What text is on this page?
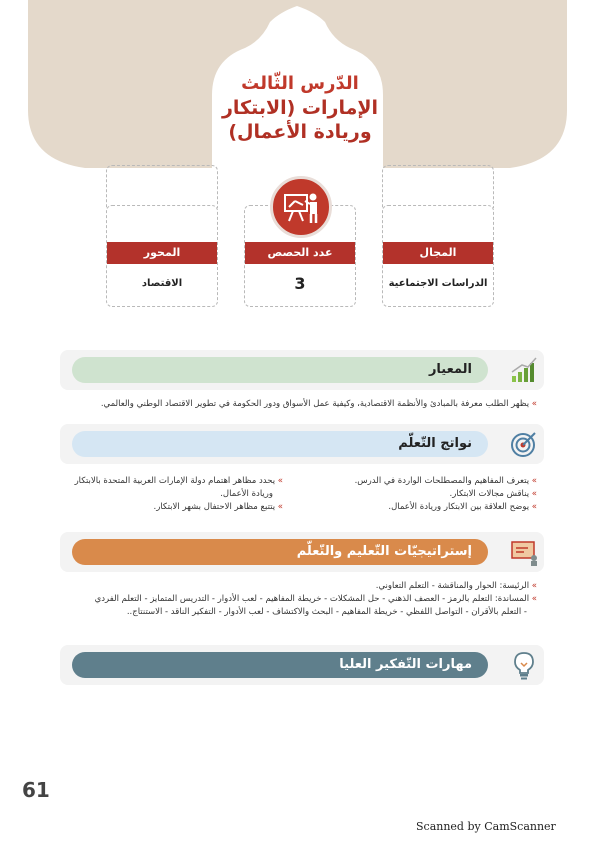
الدّرس الثّالث
الإمارات (الابتكار
وريادة الأعمال)
المجال
الدراسات الاجتماعية
عدد الحصص
3
المحور
الاقتصاد
المعيار
» يظهر الطلب معرفة بالمبادئ والأنظمة الاقتصادية، وكيفية عمل الأسواق ودور الحكومة في تطوير الاقتصاد الوطني والعالمي.
نواتج التّعلّم
» يتعرف المفاهيم والمصطلحات الواردة في الدرس.
» يناقش مجالات الابتكار.
» يوضح العلاقة بين الابتكار وريادة الأعمال.
» يحدد مظاهر اهتمام دولة الإمارات العربية المتحدة بالابتكار
وريادة الأعمال.
» يتتبع مظاهر الاحتفال بشهر الابتكار.
إستراتيجيّات التّعليم والتّعلّم
» الرئيسة: الحوار والمناقشة - التعلم التعاوني.
» المساندة: التعلم بالرمز - العصف الذهني - حل المشكلات - خريطة المفاهيم - لعب الأدوار - التدريس المتمايز - التعلم الفردي
- التعلم بالأقران - التواصل اللفظي - خريطة المفاهيم - البحث والاكتشاف - لعب الأدوار - التفكير الناقد - الاستنتاج..
مهارات التّفكير العليا
61
Scanned by CamScanner
